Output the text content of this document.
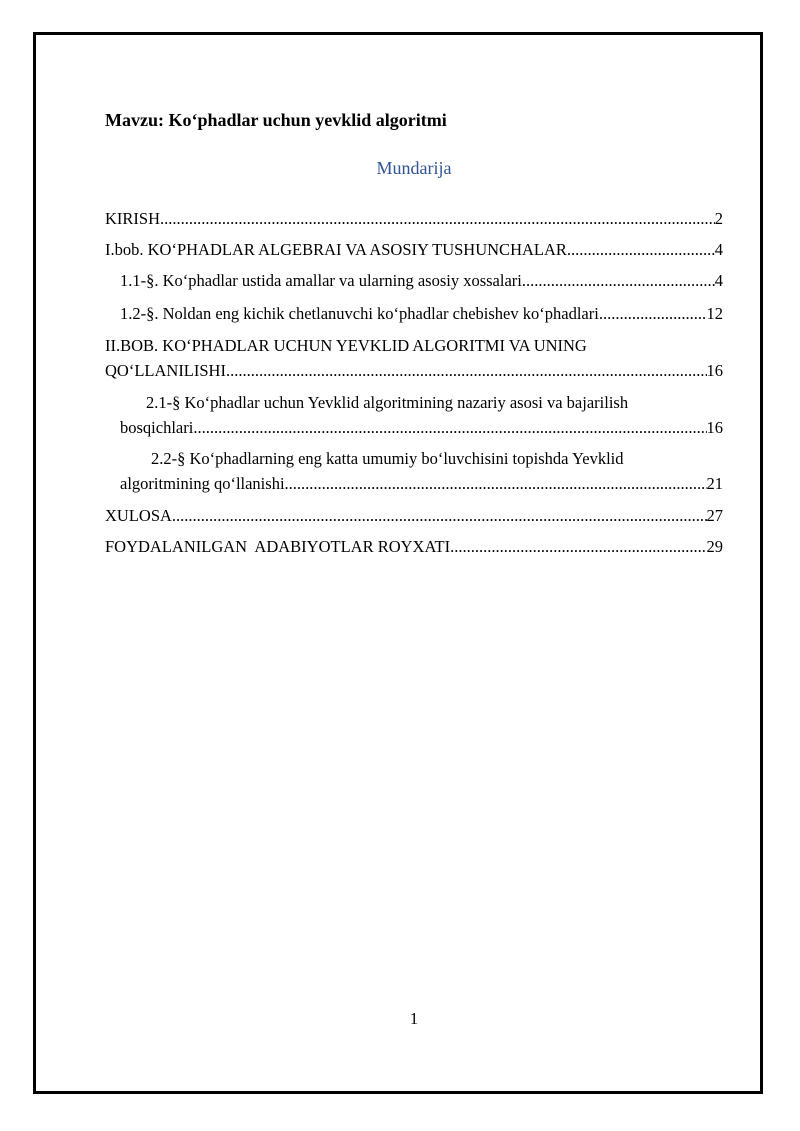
Mavzu: Ko‘phadlar uchun yevklid algoritmi
Mundarija
KIRISH .....	2
I.bob. KO‘PHADLAR ALGEBRAI VA ASOSIY TUSHUNCHALAR .....	4
1.1-§. Ko‘phadlar ustida amallar va ularning asosiy xossalari .....	4
1.2-§. Noldan eng kichik chetlanuvchi ko‘phadlar chebishev ko‘phadlari .....	12
II.BOB. KO‘PHADLAR UCHUN YEVKLID ALGORITMI VA UNING
QO‘LLANILISHI .....	16
2.1-§ Ko‘phadlar uchun Yevklid algoritmining nazariy asosi va bajarilish
bosqichlari .....	16
2.2-§ Ko‘phadlarning eng katta umumiy bo‘luvchisini topishda Yevklid
algoritmining qo‘llanishi .....	21
XULOSA .....	27
FOYDALANILGAN  ADABIYOTLAR ROYXATI .....	29
1
